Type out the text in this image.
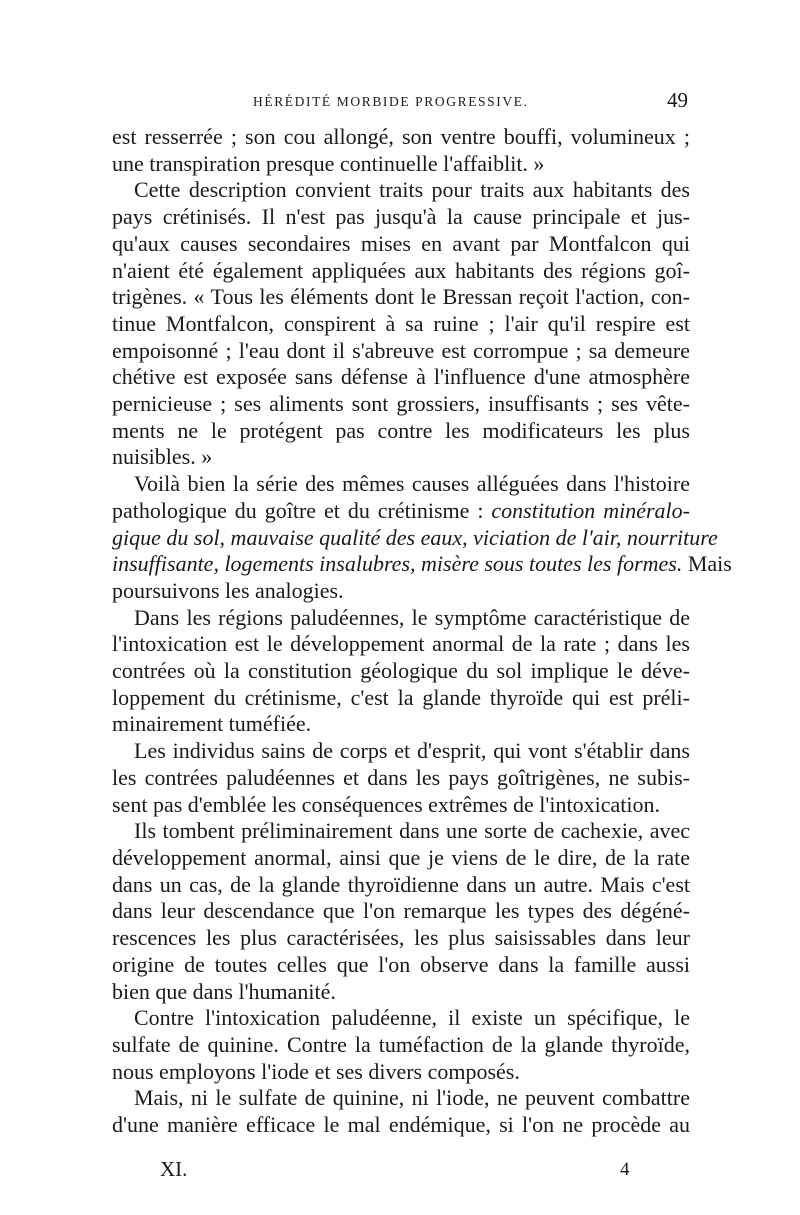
HÉRÉDITÉ MORBIDE PROGRESSIVE.	49
est resserrée ; son cou allongé, son ventre bouffi, volumineux ;
une transpiration presque continuelle l'affaiblit. »
Cette description convient traits pour traits aux habitants des
pays crétinisés. Il n'est pas jusqu'à la cause principale et jus-
qu'aux causes secondaires mises en avant par Montfalcon qui
n'aient été également appliquées aux habitants des régions goî-
trigènes. « Tous les éléments dont le Bressan reçoit l'action, con-
tinue Montfalcon, conspirent à sa ruine ; l'air qu'il respire est
empoisonné ; l'eau dont il s'abreuve est corrompue ; sa demeure
chétive est exposée sans défense à l'influence d'une atmosphère
pernicieuse ; ses aliments sont grossiers, insuffisants ; ses vête-
ments ne le protégent pas contre les modificateurs les plus
nuisibles. »
Voilà bien la série des mêmes causes alléguées dans l'histoire
pathologique du goître et du crétinisme : constitution minéralo-
gique du sol, mauvaise qualité des eaux, viciation de l'air, nourriture
insuffisante, logements insalubres, misère sous toutes les formes. Mais
poursuivons les analogies.
Dans les régions paludéennes, le symptôme caractéristique de
l'intoxication est le développement anormal de la rate ; dans les
contrées où la constitution géologique du sol implique le déve-
loppement du crétinisme, c'est la glande thyroïde qui est préli-
minairement tuméfiée.
Les individus sains de corps et d'esprit, qui vont s'établir dans
les contrées paludéennes et dans les pays goîtrigènes, ne subis-
sent pas d'emblée les conséquences extrêmes de l'intoxication.
Ils tombent préliminairement dans une sorte de cachexie, avec
développement anormal, ainsi que je viens de le dire, de la rate
dans un cas, de la glande thyroïdienne dans un autre. Mais c'est
dans leur descendance que l'on remarque les types des dégéné-
rescences les plus caractérisées, les plus saisissables dans leur
origine de toutes celles que l'on observe dans la famille aussi
bien que dans l'humanité.
Contre l'intoxication paludéenne, il existe un spécifique, le
sulfate de quinine. Contre la tuméfaction de la glande thyroïde,
nous employons l'iode et ses divers composés.
Mais, ni le sulfate de quinine, ni l'iode, ne peuvent combattre
d'une manière efficace le mal endémique, si l'on ne procède au
XI.	4
